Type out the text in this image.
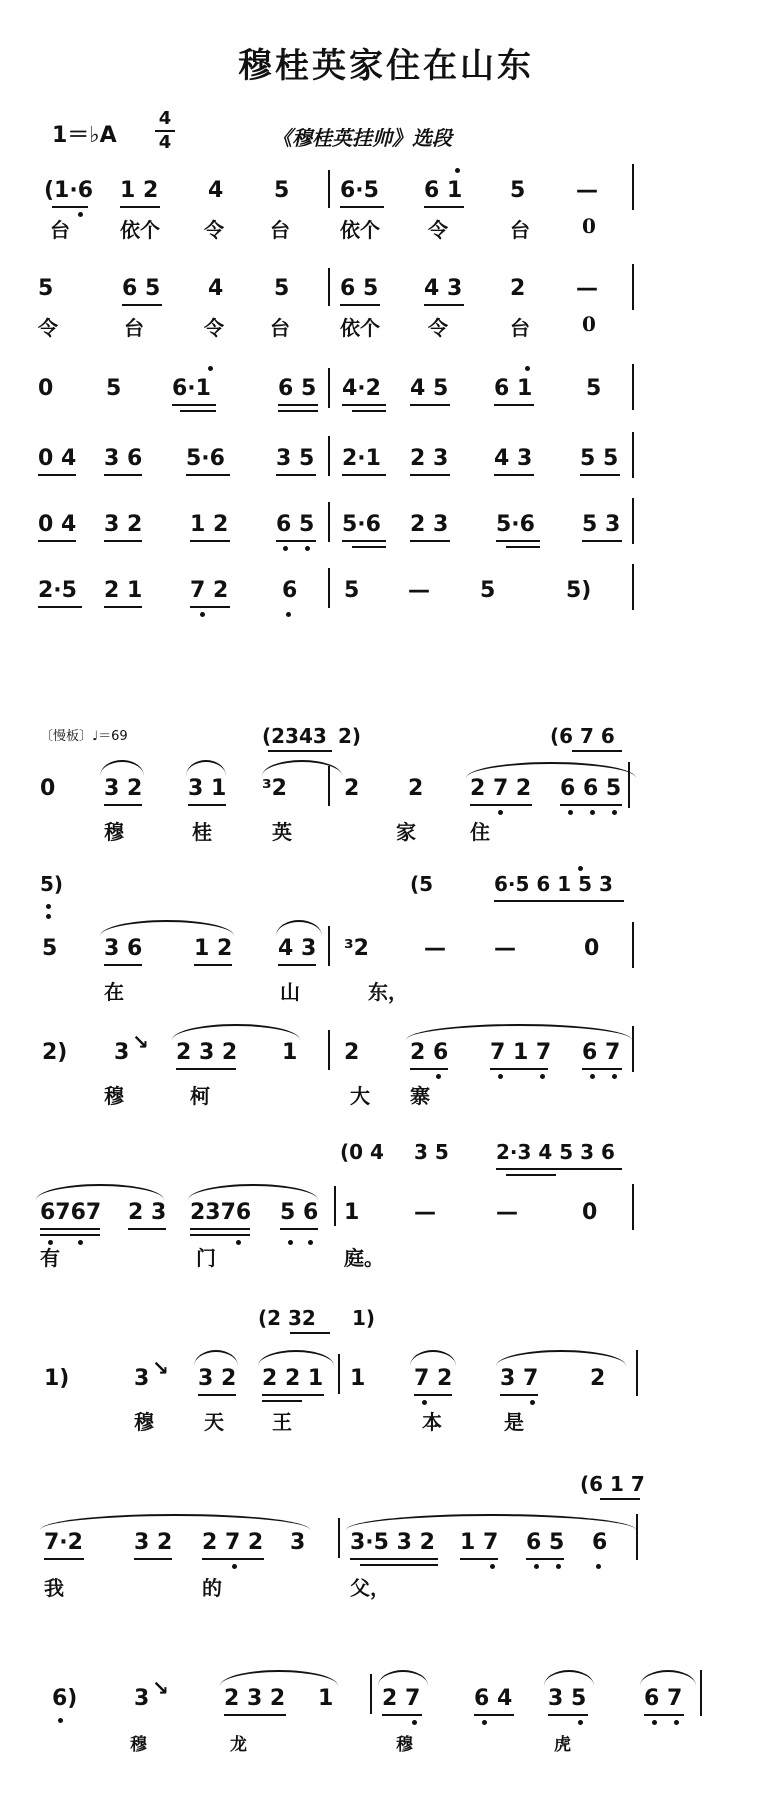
穆桂英家住在山东
1＝♭A
4
4	《穆桂英挂帅》选段
(1·6 1 2 4 5 6·5 6 1 5 —
台	依个 令 台	依个 令	台	0
5	6 5 4 5 6 5 4 3 2 —
令	台	令 台	依个 令	台	0
0 5 6·1	6 5 4·2 4 5 6 1 5
0 4 3 6 5·6 3 5 2·1 2 3 4 3 5 5
0 4 3 2 1 2 6 5 5·6 2 3 5·6 5 3
2·5 2 1 7 2 6 5 — 5	5)
〔慢板〕♩＝69	(2343 2)	(6 7 6
0 3 2 3 1 ³2	2 2 2 7 2 6 6 5
穆	桂	英	家	住
5)	(5	6·5 6 1 5 3
5 3 6 1 2 4 3 ³2	— —	0
在	山	东，
2) 3 ↘ 2 3 2 1 2 2 6 7 1 7 6 7
穆	柯	大 寨
(0 4 3 5 2·3 4 5 3 6
6767 2 3 2376 5 6 1 —	—	0
有	门	庭。
(2 32 1)
1)	3 ↘ 3 2 2 2 1 1 7 2 3 7 2
穆	天 王	本	是
(6 1 7
7·2 3 2 2 7 2 3 3·5 3 2 1 7 6 5 6
我	的	父，
6)	3 ↘	2 3 2 1 2 7 6 4 3 5	6 7
穆	龙	穆	虎
